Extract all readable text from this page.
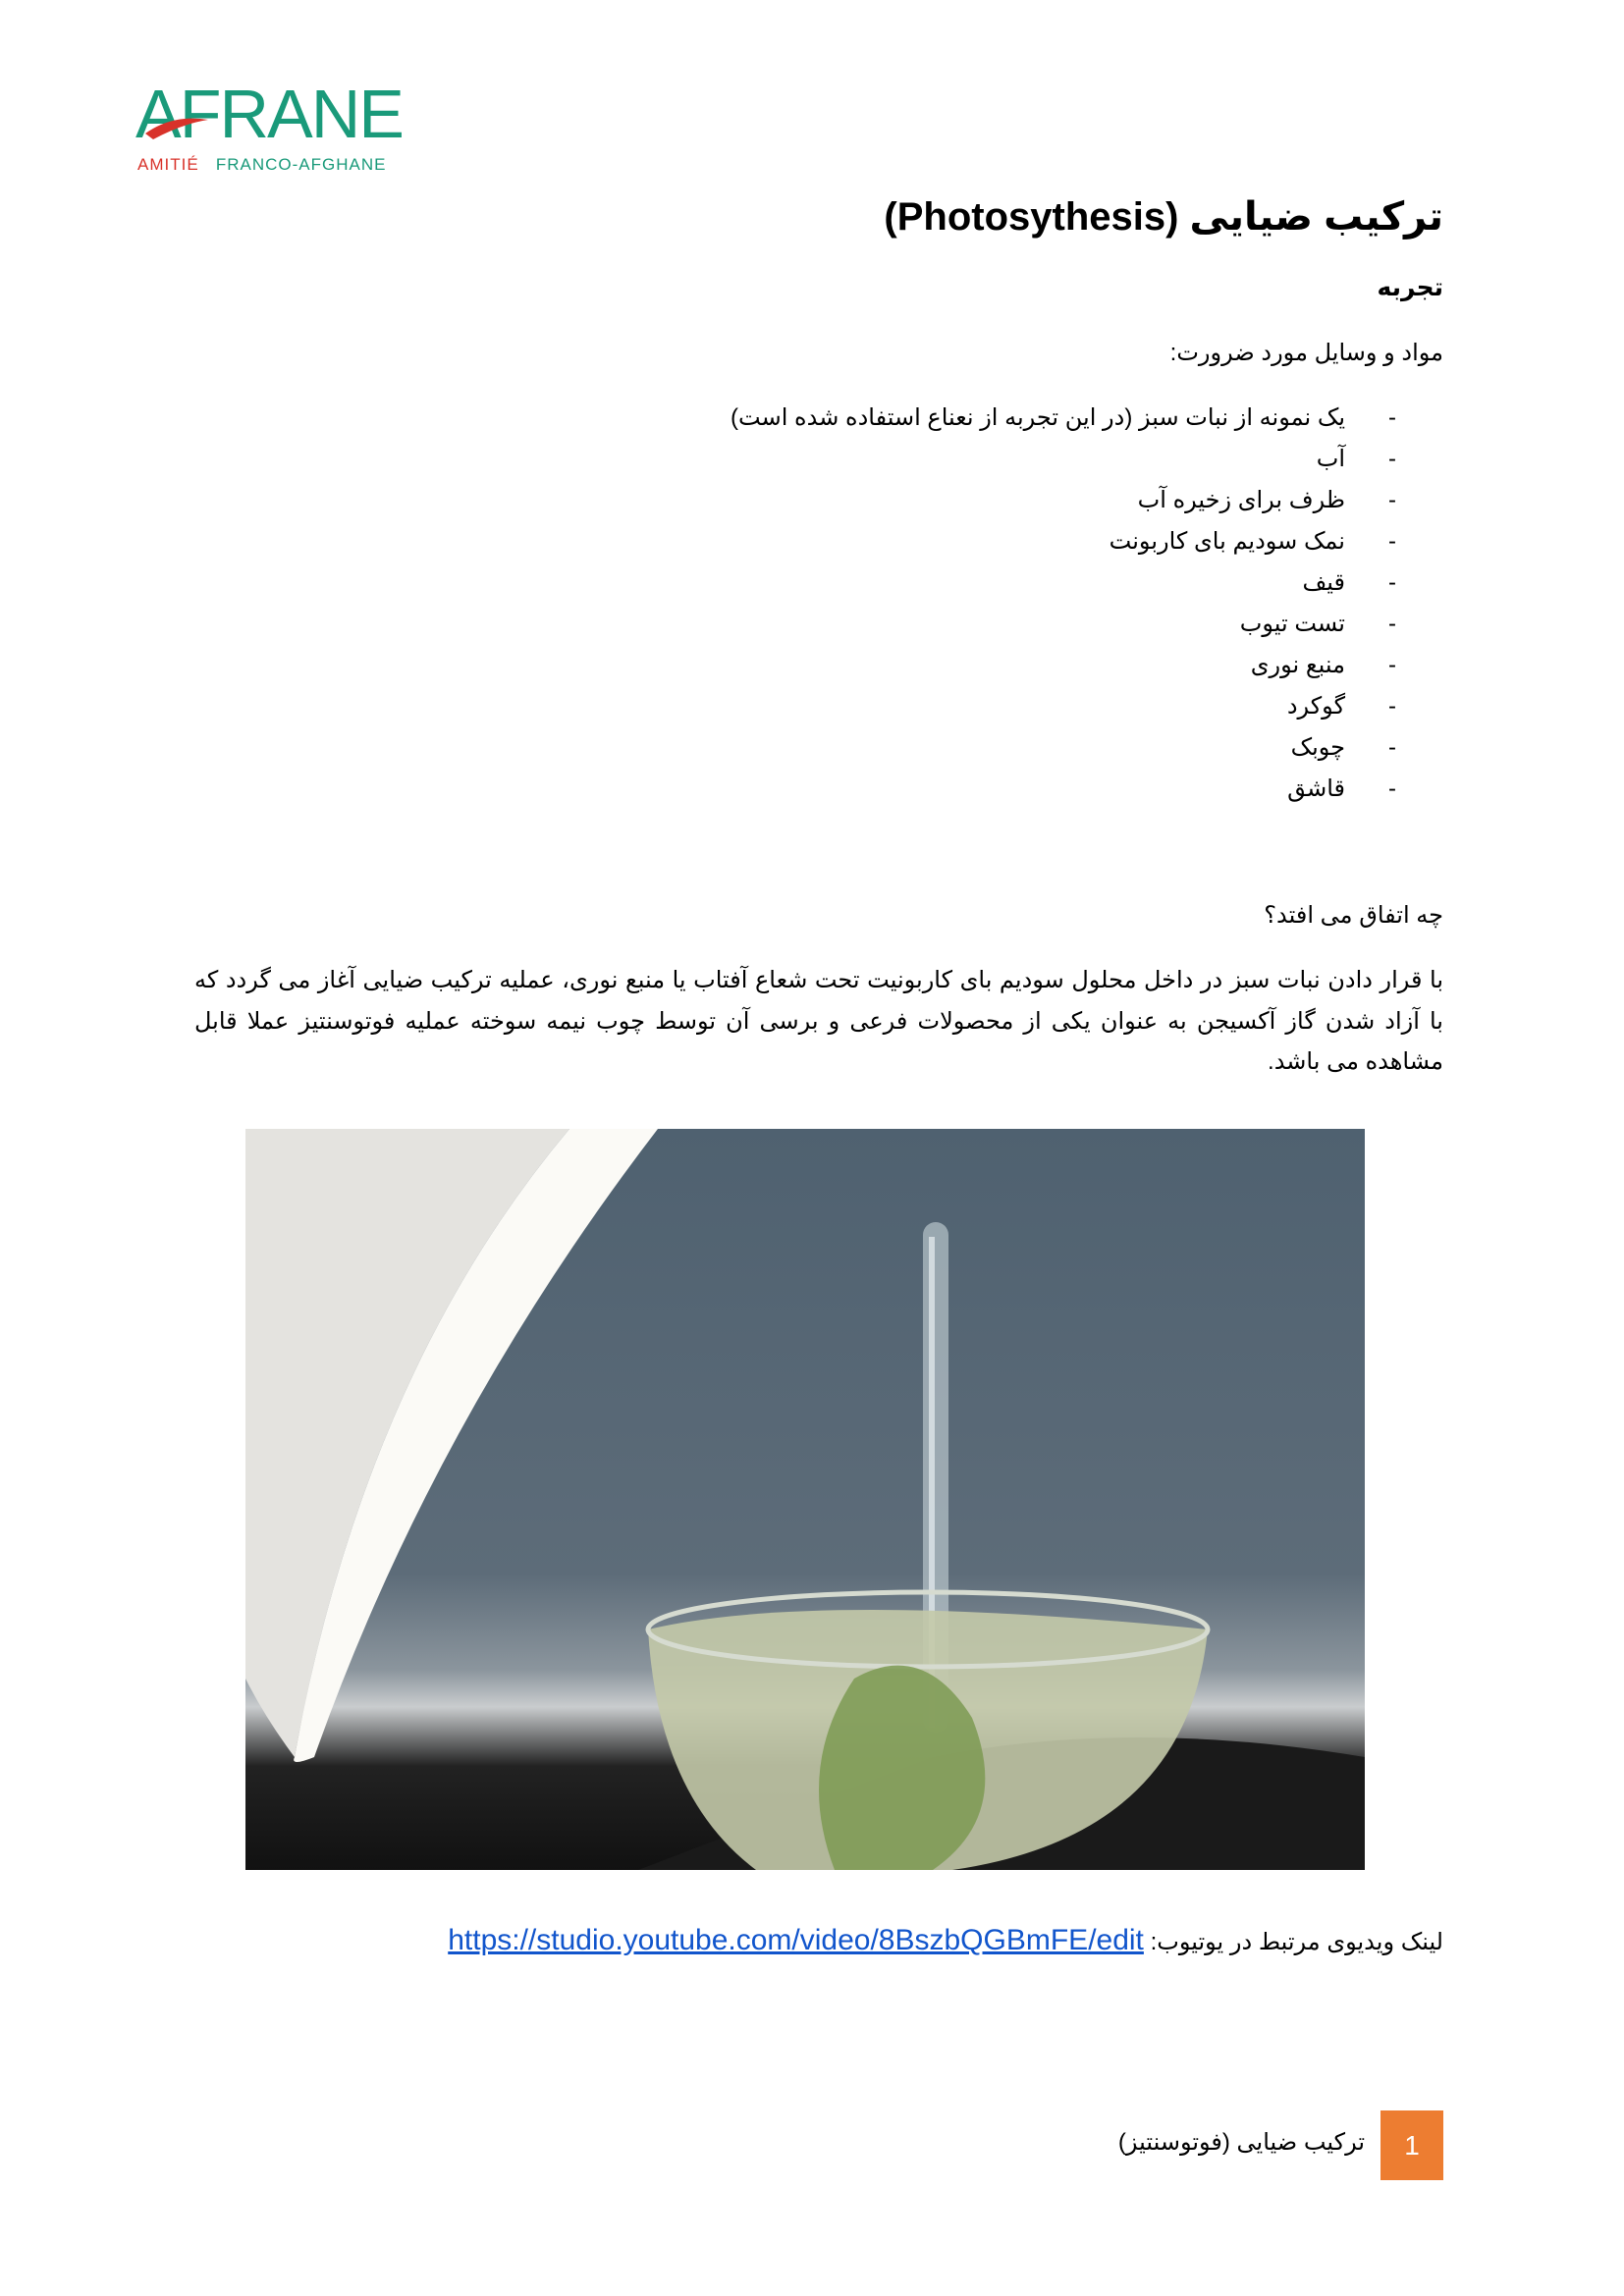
AFRANE
AMITIÉ FRANCO-AFGHANE
ترکیب ضیایی (Photosythesis)
تجربه
مواد و وسایل مورد ضرورت:
-
یک نمونه از نبات سبز (در این تجربه از نعناع استفاده شده است)
-
آب
-
ظرف برای زخیره آب
-
نمک سودیم بای کاربونت
-
قیف
-
تست تیوب
-
منبع نوری
-
گوکرد
-
چوبک
-
قاشق
چه اتفاق می افتد؟
با قرار دادن نبات سبز در داخل محلول سودیم بای کاربونیت تحت شعاع آفتاب یا منبع نوری، عملیه ترکیب ضیایی آغاز می گردد که با آزاد شدن گاز آکسیجن به عنوان یکی از محصولات فرعی و برسی آن توسط چوب نیمه سوخته عملیه فوتوسنتیز عملا قابل مشاهده می باشد.
لینک ویدیوی مرتبط در یوتیوب: https://studio.youtube.com/video/8BszbQGBmFE/edit
1
ترکیب ضیایی (فوتوسنتیز)
